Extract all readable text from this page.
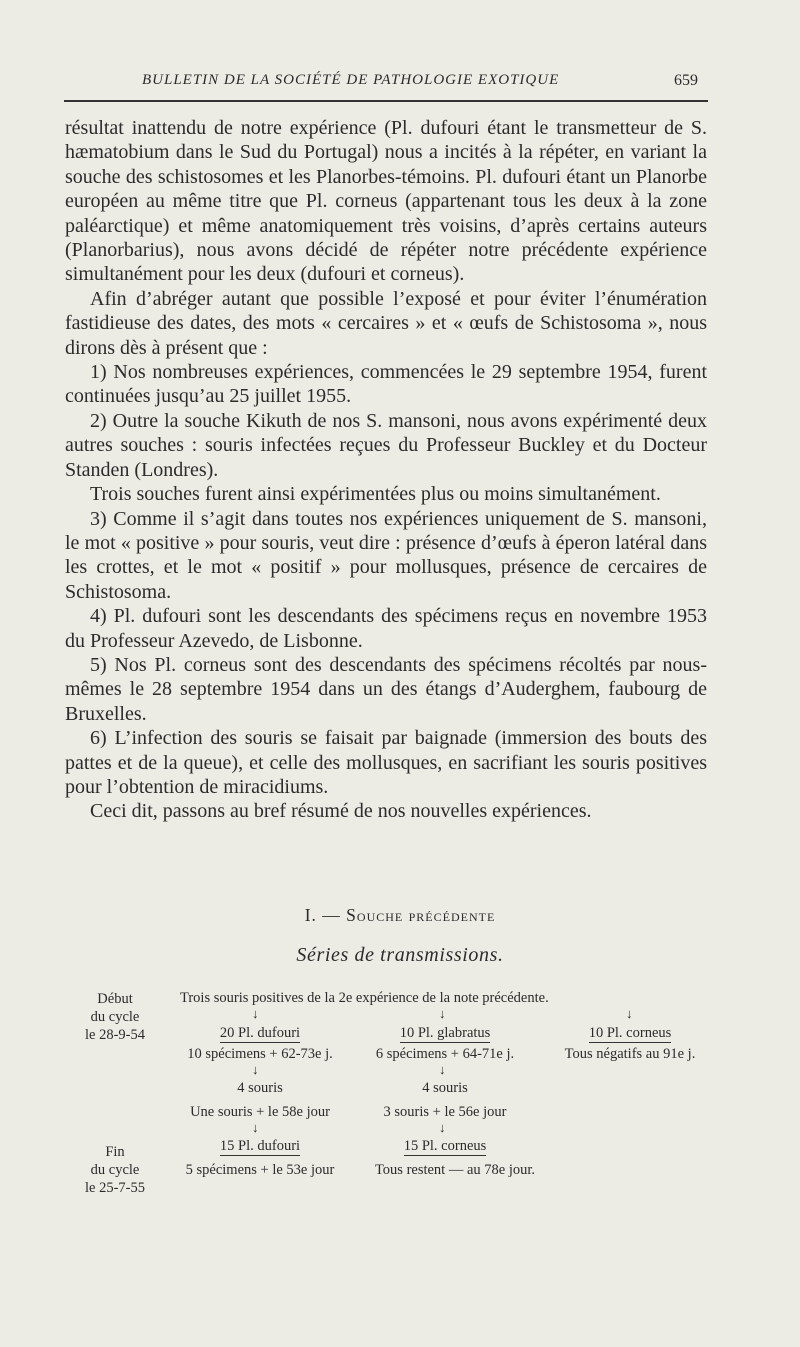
BULLETIN DE LA SOCIÉTÉ DE PATHOLOGIE EXOTIQUE	659

résultat inattendu de notre expérience (Pl. dufouri étant le transmetteur de S. hæmatobium dans le Sud du Portugal) nous a incités à la répéter, en variant la souche des schistosomes et les Planorbes-témoins. Pl. dufouri étant un Planorbe européen au même titre que Pl. corneus (appartenant tous les deux à la zone paléarctique) et même anatomiquement très voisins, d’après certains auteurs (Planorbarius), nous avons décidé de répéter notre précédente expérience simultanément pour les deux (dufouri et corneus).

Afin d’abréger autant que possible l’exposé et pour éviter l’énumération fastidieuse des dates, des mots « cercaires » et « œufs de Schistosoma », nous dirons dès à présent que :

1) Nos nombreuses expériences, commencées le 29 septembre 1954, furent continuées jusqu’au 25 juillet 1955.

2) Outre la souche Kikuth de nos S. mansoni, nous avons expérimenté deux autres souches : souris infectées reçues du Professeur Buckley et du Docteur Standen (Londres).

Trois souches furent ainsi expérimentées plus ou moins simultanément.

3) Comme il s’agit dans toutes nos expériences uniquement de S. mansoni, le mot « positive » pour souris, veut dire : présence d’œufs à éperon latéral dans les crottes, et le mot « positif » pour mollusques, présence de cercaires de Schistosoma.

4) Pl. dufouri sont les descendants des spécimens reçus en novembre 1953 du Professeur Azevedo, de Lisbonne.

5) Nos Pl. corneus sont des descendants des spécimens récoltés par nous-mêmes le 28 septembre 1954 dans un des étangs d’Auderghem, faubourg de Bruxelles.

6) L’infection des souris se faisait par baignade (immersion des bouts des pattes et de la queue), et celle des mollusques, en sacrifiant les souris positives pour l’obtention de miracidiums.

Ceci dit, passons au bref résumé de nos nouvelles expériences.

I. — Souche précédente
Séries de transmissions.
Début
du cycle
le 28-9-54
Trois souris positives de la 2e expérience de la note précédente.
↓	↓	↓
20 Pl. dufouri	10 Pl. glabratus	10 Pl. corneus
10 spécimens + 62-73e j.	6 spécimens + 64-71e j.	Tous négatifs au 91e j.
↓	↓
4 souris	4 souris
Une souris + le 58e jour	3 souris + le 56e jour
↓	↓
15 Pl. dufouri	15 Pl. corneus
Fin
du cycle
le 25-7-55
5 spécimens + le 53e jour	Tous restent — au 78e jour.
